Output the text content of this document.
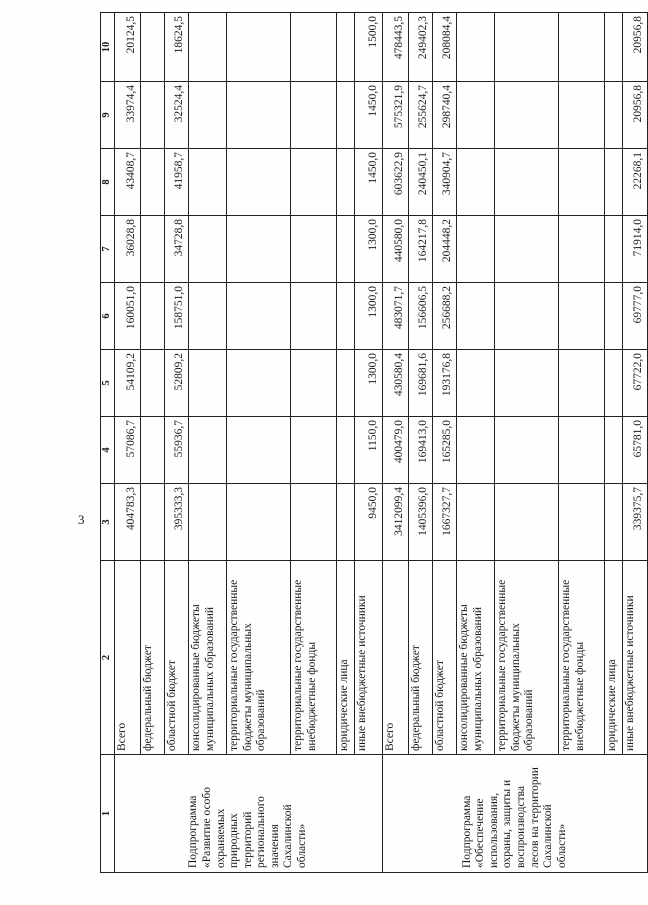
3
1	2	3	4	5	6	7	8	9	10
Подпрограмма «Развитие особо охраняемых природных территорий регионального значения Сахалинской области»	Всего	404783,3	57086,7	54109,2	160051,0	36028,8	43408,7	33974,4	20124,5
	федеральный бюджет								
	областной бюджет	395333,3	55936,7	52809,2	158751,0	34728,8	41958,7	32524,4	18624,5
	консолидированные бюджеты муниципальных образований								
	территориальные государственные бюджеты муниципальных образований								
	территориальные государственные внебюджетные фонды								
	юридические лица								
	иные внебюджетные источники	9450,0	1150,0	1300,0	1300,0	1300,0	1450,0	1450,0	1500,0
Подпрограмма «Обеспечение использования, охраны, защиты и воспроизводства лесов на территории Сахалинской области»	Всего	3412099,4	400479,0	430580,4	483071,7	440580,0	603622,9	575321,9	478443,5
	федеральный бюджет	1405396,0	169413,0	169681,6	156606,5	164217,8	240450,1	255624,7	249402,3
	областной бюджет	1667327,7	165285,0	193176,8	256688,2	204448,2	340904,7	298740,4	208084,4
	консолидированные бюджеты муниципальных образований								
	территориальные государственные бюджеты муниципальных образований								
	территориальные государственные внебюджетные фонды								
	юридические лица								
	иные внебюджетные источники	339375,7	65781,0	67722,0	69777,0	71914,0	22268,1	20956,8	20956,8
